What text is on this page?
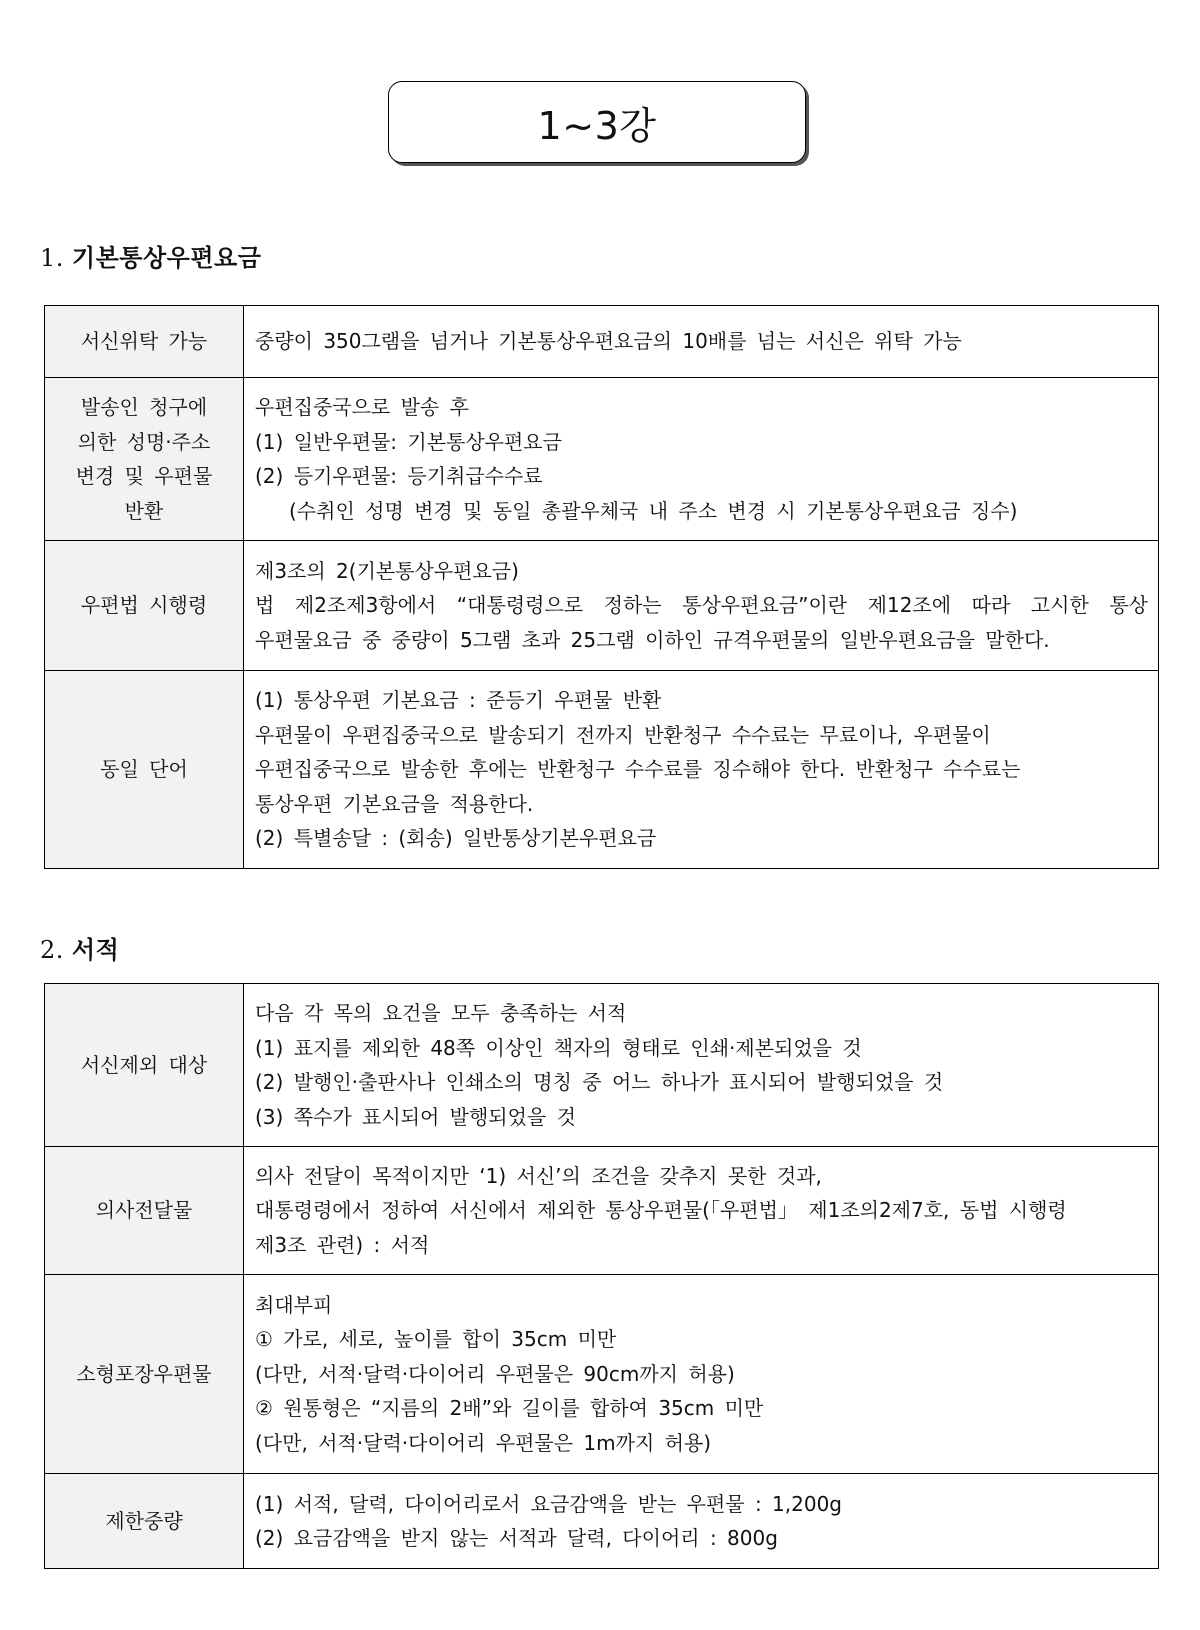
1~3강
1. 기본통상우편요금
서신위탁 가능	중량이 350그램을 넘거나 기본통상우편요금의 10배를 넘는 서신은 위탁 가능

발송인 청구에
의한 성명·주소
변경 및 우편물
반환	우편집중국으로 발송 후
(1) 일반우편물: 기본통상우편요금
(2) 등기우편물: 등기취급수수료
(수취인 성명 변경 및 동일 총괄우체국 내 주소 변경 시 기본통상우편요금 징수)

우편법 시행령	제3조의 2(기본통상우편요금)
법 제2조제3항에서 “대통령령으로 정하는 통상우편요금”이란 제12조에 따라 고시한 통상
우편물요금 중 중량이 5그램 초과 25그램 이하인 규격우편물의 일반우편요금을 말한다.

동일 단어	(1) 통상우편 기본요금 : 준등기 우편물 반환
우편물이 우편집중국으로 발송되기 전까지 반환청구 수수료는 무료이나, 우편물이
우편집중국으로 발송한 후에는 반환청구 수수료를 징수해야 한다. 반환청구 수수료는
통상우편 기본요금을 적용한다.
(2) 특별송달 : (회송) 일반통상기본우편요금
2. 서적
서신제외 대상	다음 각 목의 요건을 모두 충족하는 서적
(1) 표지를 제외한 48쪽 이상인 책자의 형태로 인쇄·제본되었을 것
(2) 발행인·출판사나 인쇄소의 명칭 중 어느 하나가 표시되어 발행되었을 것
(3) 쪽수가 표시되어 발행되었을 것

의사전달물	의사 전달이 목적이지만 ‘1) 서신’의 조건을 갖추지 못한 것과,
대통령령에서 정하여 서신에서 제외한 통상우편물(「우편법」 제1조의2제7호, 동법 시행령
제3조 관련) : 서적

소형포장우편물	최대부피
① 가로, 세로, 높이를 합이 35cm 미만
(다만, 서적·달력·다이어리 우편물은 90cm까지 허용)
② 원통형은 “지름의 2배”와 길이를 합하여 35cm 미만
(다만, 서적·달력·다이어리 우편물은 1m까지 허용)

제한중량	(1) 서적, 달력, 다이어리로서 요금감액을 받는 우편물 : 1,200g
(2) 요금감액을 받지 않는 서적과 달력, 다이어리 : 800g
